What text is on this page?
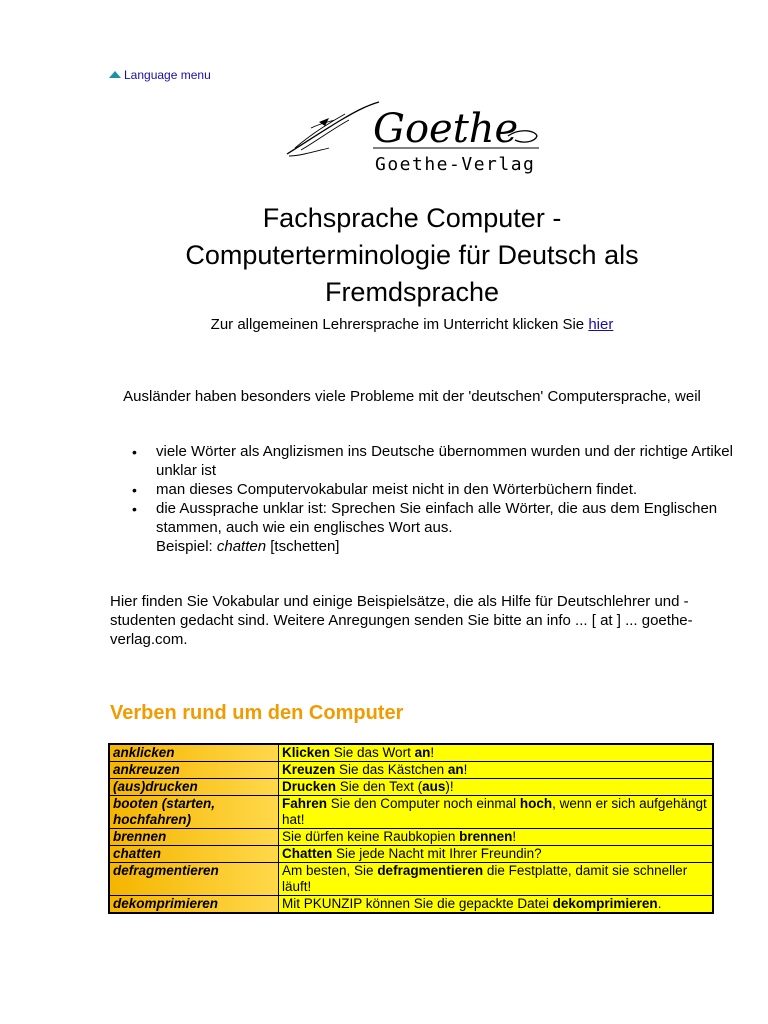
Language menu
Goethe
Goethe-Verlag
Fachsprache Computer -
Computerterminologie für Deutsch als
Fremdsprache
Zur allgemeinen Lehrersprache im Unterricht klicken Sie hier
Ausländer haben besonders viele Probleme mit der 'deutschen' Computersprache, weil
• viele Wörter als Anglizismen ins Deutsche übernommen wurden und der richtige Artikel unklar ist
• man dieses Computervokabular meist nicht in den Wörterbüchern findet.
• die Aussprache unklar ist: Sprechen Sie einfach alle Wörter, die aus dem Englischen stammen, auch wie ein englisches Wort aus.
Beispiel: chatten [tschetten]
Hier finden Sie Vokabular und einige Beispielsätze, die als Hilfe für Deutschlehrer und -studenten gedacht sind. Weitere Anregungen senden Sie bitte an info ... [ at ] ... goethe-verlag.com.
Verben rund um den Computer
anklicken	Klicken Sie das Wort an!
ankreuzen	Kreuzen Sie das Kästchen an!
(aus)drucken	Drucken Sie den Text (aus)!
booten (starten, hochfahren)	Fahren Sie den Computer noch einmal hoch, wenn er sich aufgehängt hat!
brennen	Sie dürfen keine Raubkopien brennen!
chatten	Chatten Sie jede Nacht mit Ihrer Freundin?
defragmentieren	Am besten, Sie defragmentieren die Festplatte, damit sie schneller läuft!
dekomprimieren	Mit PKUNZIP können Sie die gepackte Datei dekomprimieren.
